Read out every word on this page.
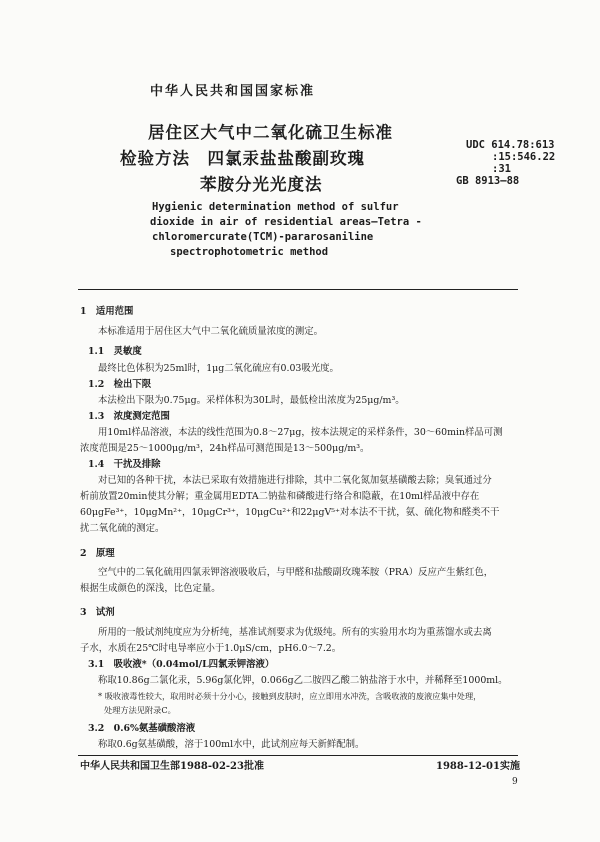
中华人民共和国国家标准
居住区大气中二氧化硫卫生标准
检验方法　四氯汞盐盐酸副玫瑰
苯胺分光光度法
UDC 614.78:613
:15:546.22
:31
GB 8913—88
Hygienic determination method of sulfur
dioxide in air of residential areas—Tetra -
chloromercurate(TCM)-pararosaniline
spectrophotometric method
1　适用范围
本标准适用于居住区大气中二氧化硫质量浓度的测定。
1.1　灵敏度
最终比色体积为25ml时，1μg二氧化硫应有0.03吸光度。
1.2　检出下限
本法检出下限为0.75μg。采样体积为30L时，最低检出浓度为25μg/m³。
1.3　浓度测定范围
用10ml样品溶液，本法的线性范围为0.8～27μg，按本法规定的采样条件，30～60min样品可测
浓度范围是25～1000μg/m³，24h样品可测范围是13～500μg/m³。
1.4　干扰及排除
对已知的各种干扰，本法已采取有效措施进行排除，其中二氧化氮加氨基磺酸去除；臭氧通过分
析前放置20min使其分解；重金属用EDTA二钠盐和磷酸进行络合和隐蔽，在10ml样品液中存在
60μgFe³⁺，10μgMn²⁺，10μgCr³⁺，10μgCu²⁺和22μgV⁵⁺对本法不干扰，氨、硫化物和醛类不干
扰二氧化硫的测定。
2　原理
空气中的二氧化硫用四氯汞钾溶液吸收后，与甲醛和盐酸副玫瑰苯胺（PRA）反应产生紫红色，
根据生成颜色的深浅，比色定量。
3　试剂
所用的一般试剂纯度应为分析纯，基准试剂要求为优级纯。所有的实验用水均为重蒸馏水或去离
子水，水质在25℃时电导率应小于1.0μS/cm，pH6.0～7.2。
3.1　吸收液*（0.04mol/L四氯汞钾溶液）
称取10.86g二氯化汞，5.96g氯化钾，0.066g乙二胺四乙酸二钠盐溶于水中，并稀释至1000ml。
* 吸收液毒性较大，取用时必须十分小心，接触到皮肤时，应立即用水冲洗，含吸收液的废液应集中处理，
处理方法见附录C。
3.2　0.6%氨基磺酸溶液
称取0.6g氨基磺酸，溶于100ml水中，此试剂应每天新鲜配制。
中华人民共和国卫生部1988-02-23批准	1988-12-01实施
9
